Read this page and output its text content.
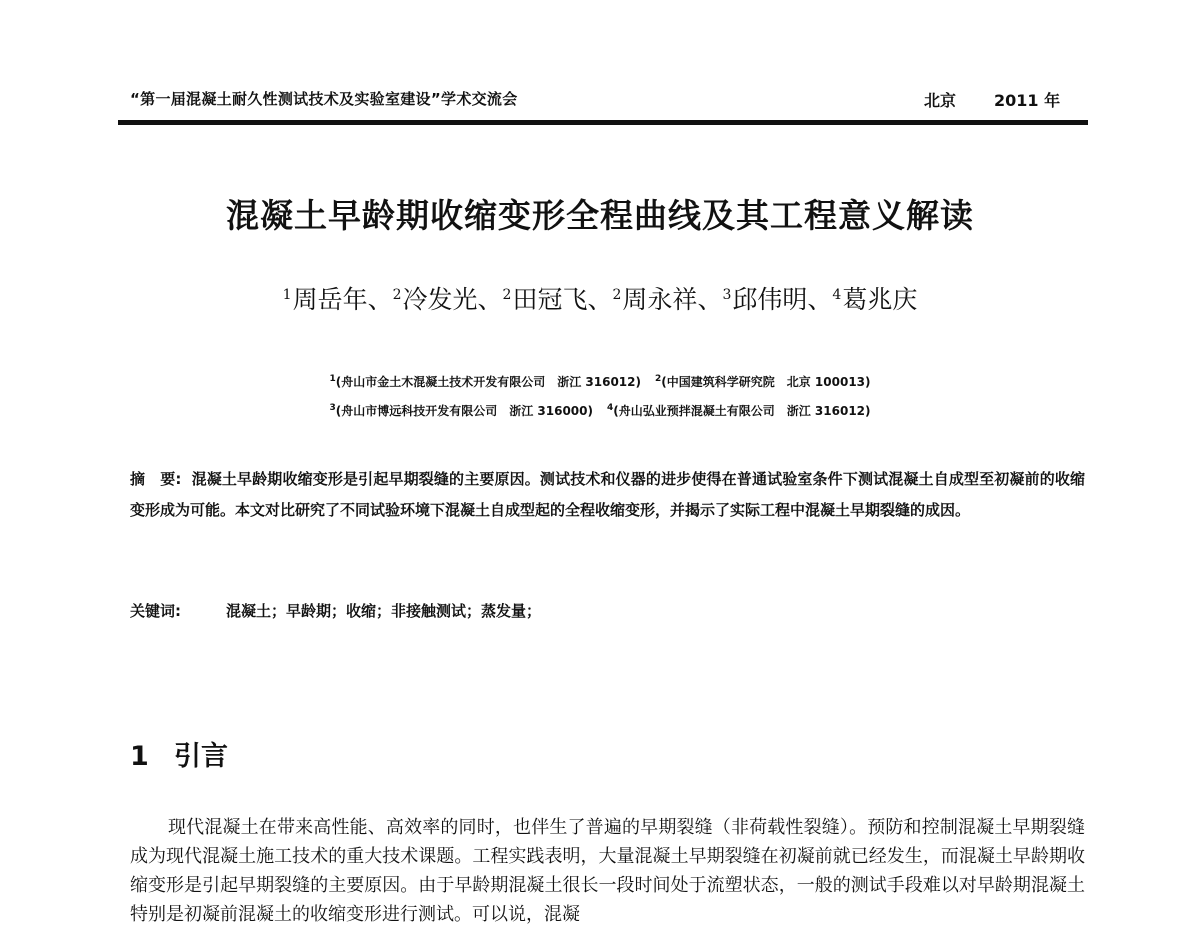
“第一届混凝土耐久性测试技术及实验室建设”学术交流会	北京 2011 年
混凝土早龄期收缩变形全程曲线及其工程意义解读
$^1$周岳年、$^2$冷发光、$^2$田冠飞、$^2$周永祥、$^3$邱伟明、$^4$葛兆庆
$^1$(舟山市金土木混凝土技术开发有限公司　浙江 316012) $^2$(中国建筑科学研究院　北京 100013)
$^3$(舟山市博远科技开发有限公司　浙江 316000) $^4$(舟山弘业预拌混凝土有限公司　浙江 316012)
摘　要: 混凝土早龄期收缩变形是引起早期裂缝的主要原因。测试技术和仪器的进步使得在普通试验室条件下测试混凝土自成型至初凝前的收缩变形成为可能。本文对比研究了不同试验环境下混凝土自成型起的全程收缩变形，并揭示了实际工程中混凝土早期裂缝的成因。
关键词:	混凝土；早龄期；收缩；非接触测试；蒸发量；
1 引言
现代混凝土在带来高性能、高效率的同时，也伴生了普遍的早期裂缝（非荷载性裂缝）。预防和控制混凝土早期裂缝成为现代混凝土施工技术的重大技术课题。工程实践表明，大量混凝土早期裂缝在初凝前就已经发生，而混凝土早龄期收缩变形是引起早期裂缝的主要原因。由于早龄期混凝土很长一段时间处于流塑状态，一般的测试手段难以对早龄期混凝土特别是初凝前混凝土的收缩变形进行测试。可以说，混凝
